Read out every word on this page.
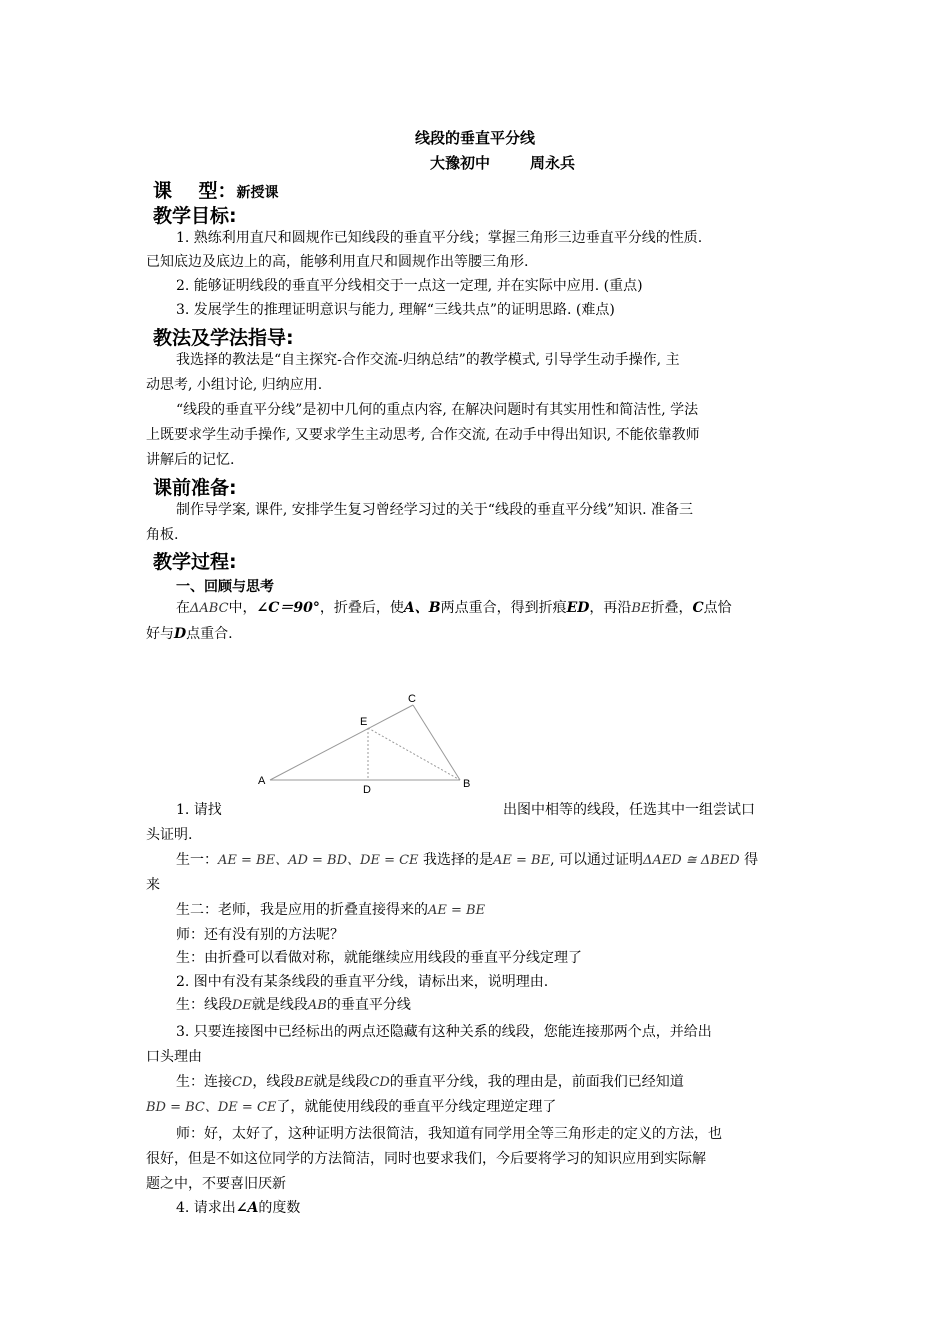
线段的垂直平分线
大豫初中	周永兵
课    型：新授课
教学目标:
1. 熟练利用直尺和圆规作已知线段的垂直平分线；掌握三角形三边垂直平分线的性质.
已知底边及底边上的高，能够利用直尺和圆规作出等腰三角形.
2. 能够证明线段的垂直平分线相交于一点这一定理, 并在实际中应用. (重点)
3. 发展学生的推理证明意识与能力, 理解“三线共点”的证明思路. (难点)
教法及学法指导:
我选择的教法是“自主探究-合作交流-归纳总结”的教学模式, 引导学生动手操作, 主
动思考, 小组讨论, 归纳应用.
“线段的垂直平分线”是初中几何的重点内容, 在解决问题时有其实用性和简洁性, 学法
上既要求学生动手操作, 又要求学生主动思考, 合作交流, 在动手中得出知识, 不能依靠教师
讲解后的记忆.
课前准备:
制作导学案, 课件, 安排学生复习曾经学习过的关于“线段的垂直平分线”知识. 准备三
角板.
教学过程:
一、回顾与思考
在ΔABC中，∠C＝90°，折叠后，使A、B两点重合，得到折痕ED，再沿BE折叠，C点恰
好与D点重合.
A	B
C
D
E
1. 请找	出图中相等的线段，任选其中一组尝试口
头证明.
生一：AE = BE、AD = BD、DE = CE 我选择的是AE = BE, 可以通过证明ΔAED ≅ ΔBED 得
来
生二：老师，我是应用的折叠直接得来的AE = BE
师：还有没有别的方法呢？
生：由折叠可以看做对称，就能继续应用线段的垂直平分线定理了
2. 图中有没有某条线段的垂直平分线，请标出来，说明理由.
生：线段DE就是线段AB的垂直平分线
3. 只要连接图中已经标出的两点还隐藏有这种关系的线段，您能连接那两个点，并给出
口头理由
生：连接CD，线段BE就是线段CD的垂直平分线，我的理由是，前面我们已经知道
BD = BC、DE = CE了，就能使用线段的垂直平分线定理逆定理了
师：好，太好了，这种证明方法很简洁，我知道有同学用全等三角形走的定义的方法，也
很好，但是不如这位同学的方法简洁，同时也要求我们，今后要将学习的知识应用到实际解
题之中，不要喜旧厌新
4. 请求出∠A的度数
